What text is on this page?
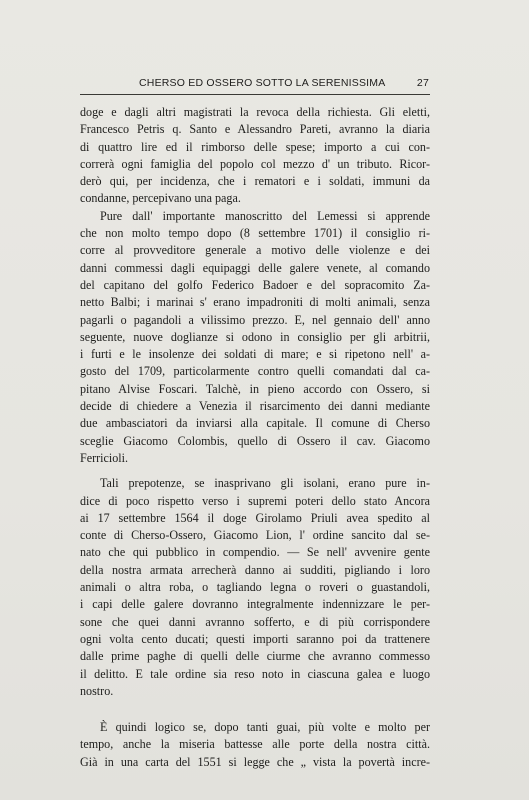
CHERSO ED OSSERO SOTTO LA SERENISSIMA	27
doge e dagli altri magistrati la revoca della richiesta. Gli eletti,
Francesco Petris q. Santo e Alessandro Pareti, avranno la diaria
di quattro lire ed il rimborso delle spese; importo a cui con-
correrà ogni famiglia del popolo col mezzo d' un tributo. Ricor-
derò qui, per incidenza, che i rematori e i soldati, immuni da
condanne, percepivano una paga.
Pure dall' importante manoscritto del Lemessi si apprende
che non molto tempo dopo (8 settembre 1701) il consiglio ri-
corre al provveditore generale a motivo delle violenze e dei
danni commessi dagli equipaggi delle galere venete, al comando
del capitano del golfo Federico Badoer e del sopracomito Za-
netto Balbi; i marinai s' erano impadroniti di molti animali, senza
pagarli o pagandoli a vilissimo prezzo. E, nel gennaio dell' anno
seguente, nuove doglianze si odono in consiglio per gli arbitrii,
i furti e le insolenze dei soldati di mare; e si ripetono nell' a-
gosto del 1709, particolarmente contro quelli comandati dal ca-
pitano Alvise Foscari. Talchè, in pieno accordo con Ossero, si
decide di chiedere a Venezia il risarcimento dei danni mediante
due ambasciatori da inviarsi alla capitale. Il comune di Cherso
sceglie Giacomo Colombis, quello di Ossero il cav. Giacomo
Ferricioli.
Tali prepotenze, se inasprivano gli isolani, erano pure in-
dice di poco rispetto verso i supremi poteri dello stato Ancora
ai 17 settembre 1564 il doge Girolamo Priuli avea spedito al
conte di Cherso-Ossero, Giacomo Lion, l' ordine sancito dal se-
nato che qui pubblico in compendio. — Se nell' avvenire gente
della nostra armata arrecherà danno ai sudditi, pigliando i loro
animali o altra roba, o tagliando legna o roveri o guastandoli,
i capi delle galere dovranno integralmente indennizzare le per-
sone che quei danni avranno sofferto, e di più corrispondere
ogni volta cento ducati; questi importi saranno poi da trattenere
dalle prime paghe di quelli delle ciurme che avranno commesso
il delitto. E tale ordine sia reso noto in ciascuna galea e luogo
nostro.
È quindi logico se, dopo tanti guai, più volte e molto per
tempo, anche la miseria battesse alle porte della nostra città.
Già in una carta del 1551 si legge che „ vista la povertà incre-
